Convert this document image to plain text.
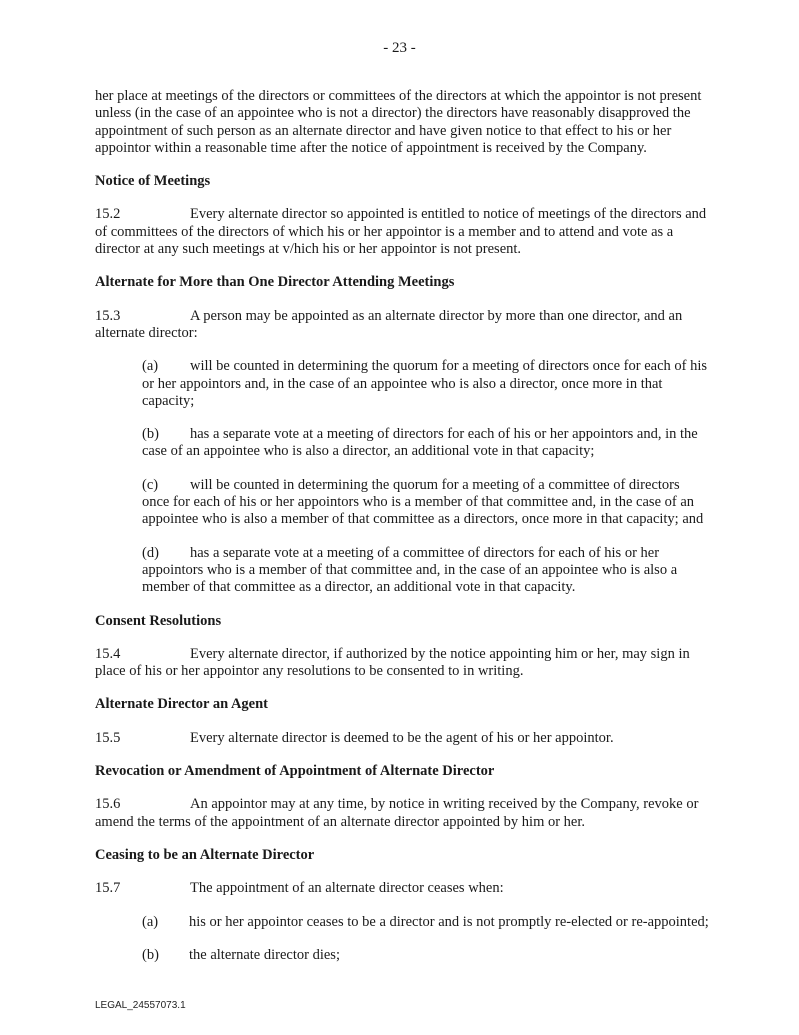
- 23 -

her place at meetings of the directors or committees of the directors at which the appointor is not present unless (in the case of an appointee who is not a director) the directors have reasonably disapproved the appointment of such person as an alternate director and have given notice to that effect to his or her appointor within a reasonable time after the notice of appointment is received by the Company.

Notice of Meetings

15.2	Every alternate director so appointed is entitled to notice of meetings of the directors and of committees of the directors of which his or her appointor is a member and to attend and vote as a director at any such meetings at v/hich his or her appointor is not present.

Alternate for More than One Director Attending Meetings

15.3	A person may be appointed as an alternate director by more than one director, and an alternate director:

(a) will be counted in determining the quorum for a meeting of directors once for each of his or her appointors and, in the case of an appointee who is also a director, once more in that capacity;

(b) has a separate vote at a meeting of directors for each of his or her appointors and, in the case of an appointee who is also a director, an additional vote in that capacity;

(c) will be counted in determining the quorum for a meeting of a committee of directors once for each of his or her appointors who is a member of that committee and, in the case of an appointee who is also a member of that committee as a directors, once more in that capacity; and

(d) has a separate vote at a meeting of a committee of directors for each of his or her appointors who is a member of that committee and, in the case of an appointee who is also a member of that committee as a director, an additional vote in that capacity.

Consent Resolutions

15.4	Every alternate director, if authorized by the notice appointing him or her, may sign in place of his or her appointor any resolutions to be consented to in writing.

Alternate Director an Agent

15.5	Every alternate director is deemed to be the agent of his or her appointor.

Revocation or Amendment of Appointment of Alternate Director

15.6	An appointor may at any time, by notice in writing received by the Company, revoke or amend the terms of the appointment of an alternate director appointed by him or her.

Ceasing to be an Alternate Director

15.7	The appointment of an alternate director ceases when:

(a) his or her appointor ceases to be a director and is not promptly re-elected or re-appointed;

(b) the alternate director dies;

LEGAL_24557073.1
